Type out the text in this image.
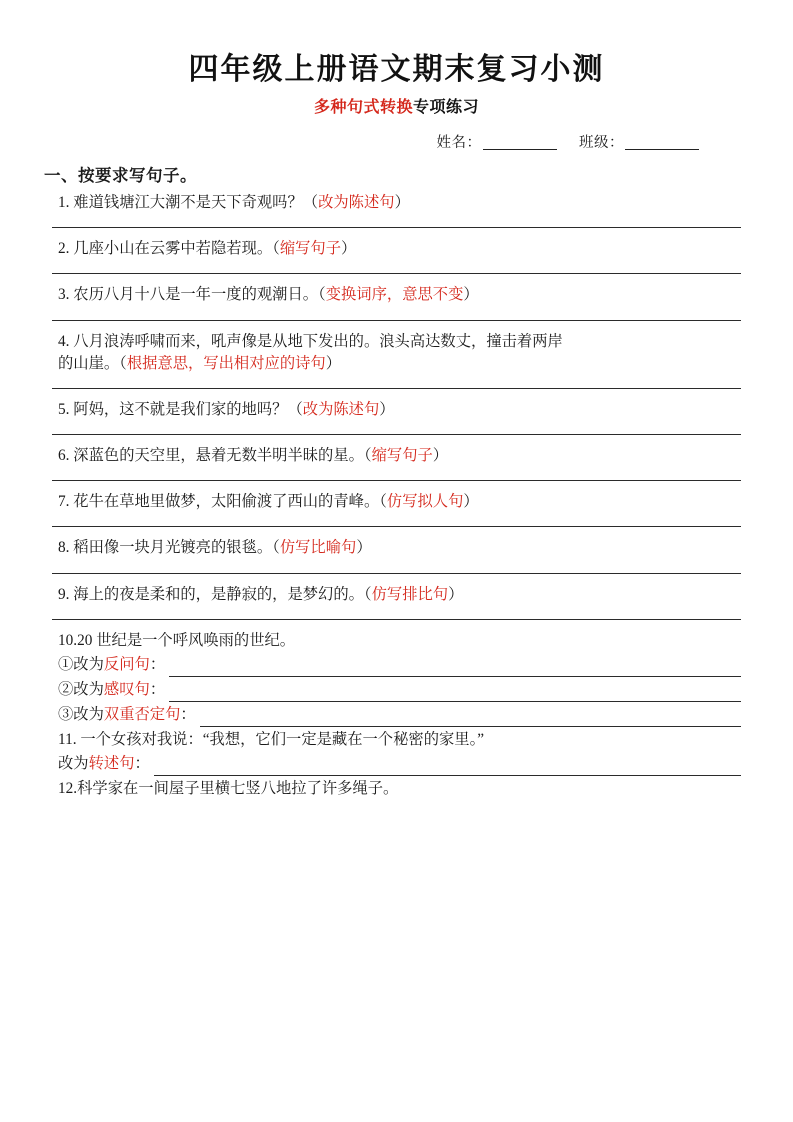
四年级上册语文期末复习小测
多种句式转换专项练习
姓名：	班级：
一、按要求写句子。
1. 难道钱塘江大潮不是天下奇观吗？（改为陈述句）
2. 几座小山在云雾中若隐若现。（缩写句子）
3. 农历八月十八是一年一度的观潮日。（变换词序，意思不变）
4. 八月浪涛呼啸而来，吼声像是从地下发出的。浪头高达数丈，撞击着两岸
的山崖。（根据意思，写出相对应的诗句）
5. 阿妈，这不就是我们家的地吗？（改为陈述句）
6. 深蓝色的天空里，悬着无数半明半昧的星。（缩写句子）
7. 花牛在草地里做梦，太阳偷渡了西山的青峰。（仿写拟人句）
8. 稻田像一块月光镀亮的银毯。（仿写比喻句）
9. 海上的夜是柔和的，是静寂的，是梦幻的。（仿写排比句）
10.20 世纪是一个呼风唤雨的世纪。
①改为反问句：
②改为感叹句：
③改为双重否定句：
11. 一个女孩对我说：“我想，它们一定是藏在一个秘密的家里。”
改为转述句：
12.科学家在一间屋子里横七竖八地拉了许多绳子。
